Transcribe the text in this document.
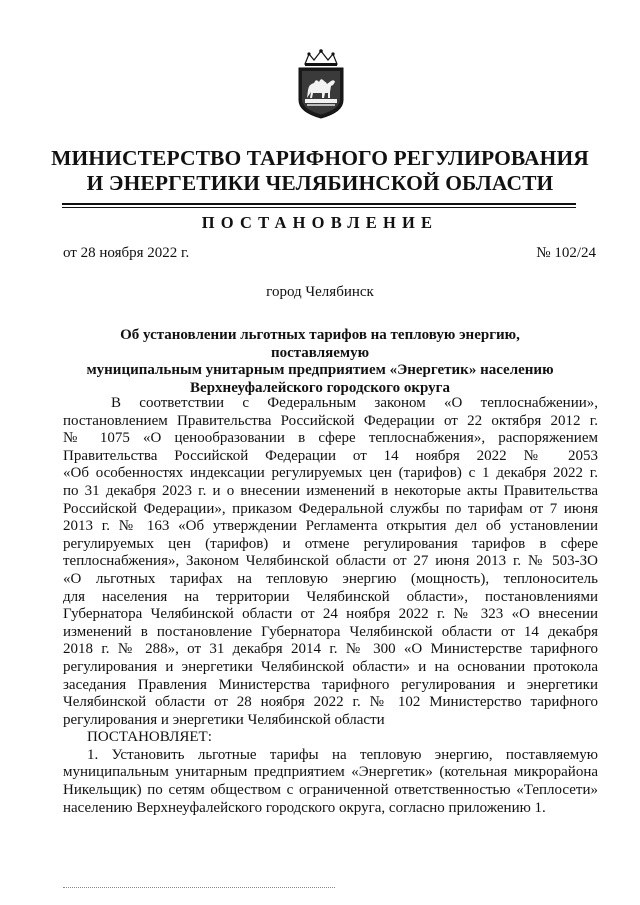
МИНИСТЕРСТВО ТАРИФНОГО РЕГУЛИРОВАНИЯ
И ЭНЕРГЕТИКИ ЧЕЛЯБИНСКОЙ ОБЛАСТИ
ПОСТАНОВЛЕНИЕ
от 28 ноября 2022 г.	№ 102/24
город Челябинск
Об установлении льготных тарифов на тепловую энергию, поставляемую
муниципальным унитарным предприятием «Энергетик» населению
Верхнеуфалейского городского округа
В соответствии с Федеральным законом «О теплоснабжении»,
постановлением Правительства Российской Федерации от 22 октября 2012 г.
№ 1075 «О ценообразовании в сфере теплоснабжения», распоряжением
Правительства Российской Федерации от 14 ноября 2022 № 2053
«Об особенностях индексации регулируемых цен (тарифов) с 1 декабря 2022 г.
по 31 декабря 2023 г. и о внесении изменений в некоторые акты Правительства
Российской Федерации», приказом Федеральной службы по тарифам от 7 июня
2013 г. № 163 «Об утверждении Регламента открытия дел об установлении
регулируемых цен (тарифов) и отмене регулирования тарифов в сфере
теплоснабжения», Законом Челябинской области от 27 июня 2013 г. № 503-ЗО
«О льготных тарифах на тепловую энергию (мощность), теплоноситель
для населения на территории Челябинской области», постановлениями
Губернатора Челябинской области от 24 ноября 2022 г. № 323 «О внесении
изменений в постановление Губернатора Челябинской области от 14 декабря
2018 г. № 288», от 31 декабря 2014 г. № 300 «О Министерстве тарифного
регулирования и энергетики Челябинской области» и на основании протокола
заседания Правления Министерства тарифного регулирования и энергетики
Челябинской области от 28 ноября 2022 г. № 102 Министерство тарифного
регулирования и энергетики Челябинской области
ПОСТАНОВЛЯЕТ:
1. Установить льготные тарифы на тепловую энергию, поставляемую
муниципальным унитарным предприятием «Энергетик» (котельная микрорайона
Никельщик) по сетям обществом с ограниченной ответственностью «Теплосети»
населению Верхнеуфалейского городского округа, согласно приложению 1.
